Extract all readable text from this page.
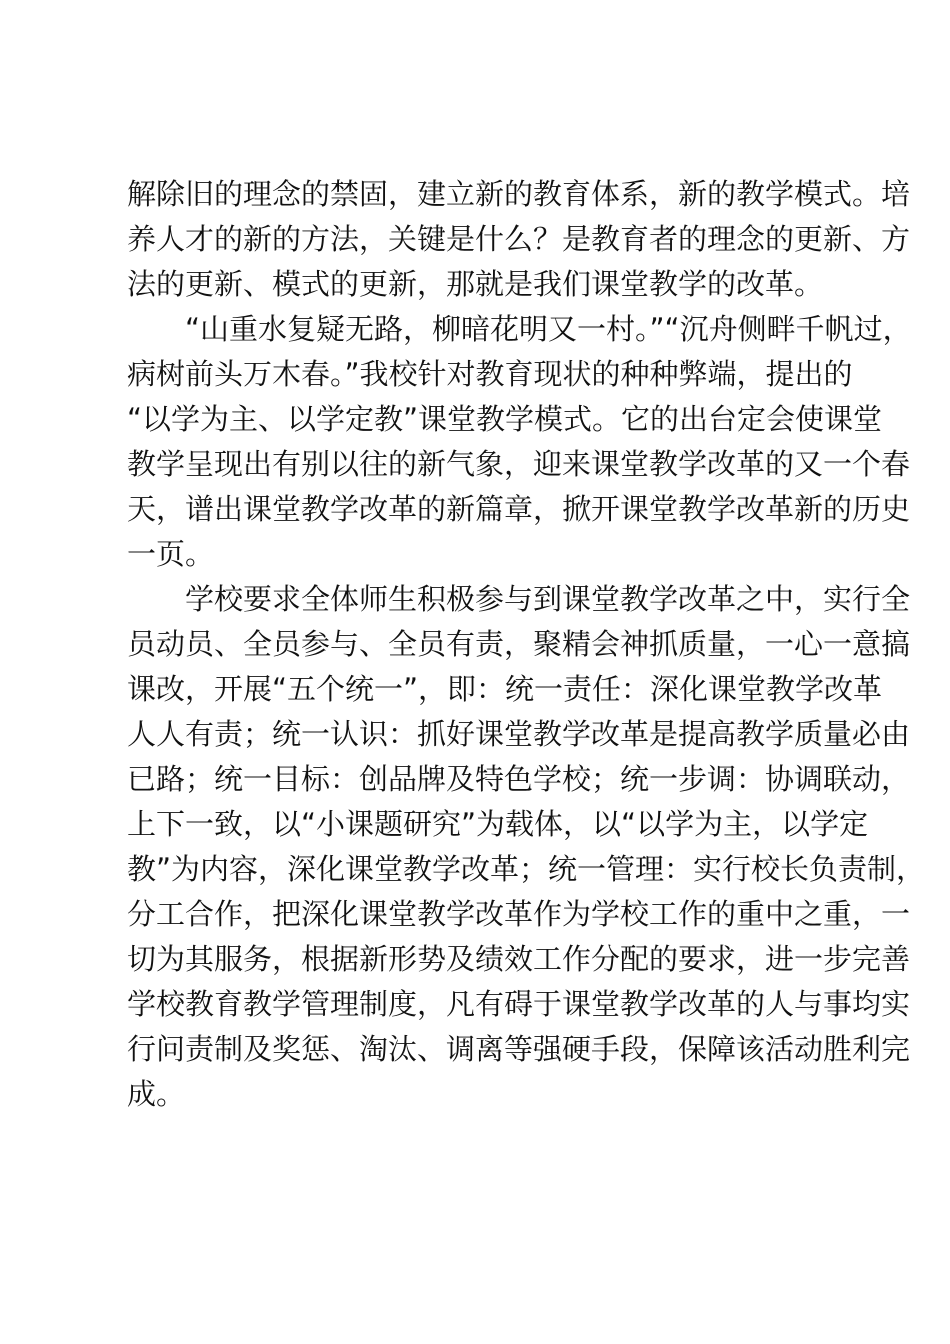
解除旧的理念的禁固，建立新的教育体系，新的教学模式。培
养人才的新的方法，关键是什么？是教育者的理念的更新、方
法的更新、模式的更新，那就是我们课堂教学的改革。
　　“山重水复疑无路，柳暗花明又一村。”“沉舟侧畔千帆过，
病树前头万木春。”我校针对教育现状的种种弊端，提出的
“以学为主、以学定教”课堂教学模式。它的出台定会使课堂
教学呈现出有别以往的新气象，迎来课堂教学改革的又一个春
天，谱出课堂教学改革的新篇章，掀开课堂教学改革新的历史
一页。
　　学校要求全体师生积极参与到课堂教学改革之中，实行全
员动员、全员参与、全员有责，聚精会神抓质量，一心一意搞
课改，开展“五个统一”，即：统一责任：深化课堂教学改革
人人有责；统一认识：抓好课堂教学改革是提高教学质量必由
已路；统一目标：创品牌及特色学校；统一步调：协调联动，
上下一致，以“小课题研究”为载体，以“以学为主，以学定
教”为内容，深化课堂教学改革；统一管理：实行校长负责制，
分工合作，把深化课堂教学改革作为学校工作的重中之重，一
切为其服务，根据新形势及绩效工作分配的要求，进一步完善
学校教育教学管理制度，凡有碍于课堂教学改革的人与事均实
行问责制及奖惩、淘汰、调离等强硬手段，保障该活动胜利完
成。
